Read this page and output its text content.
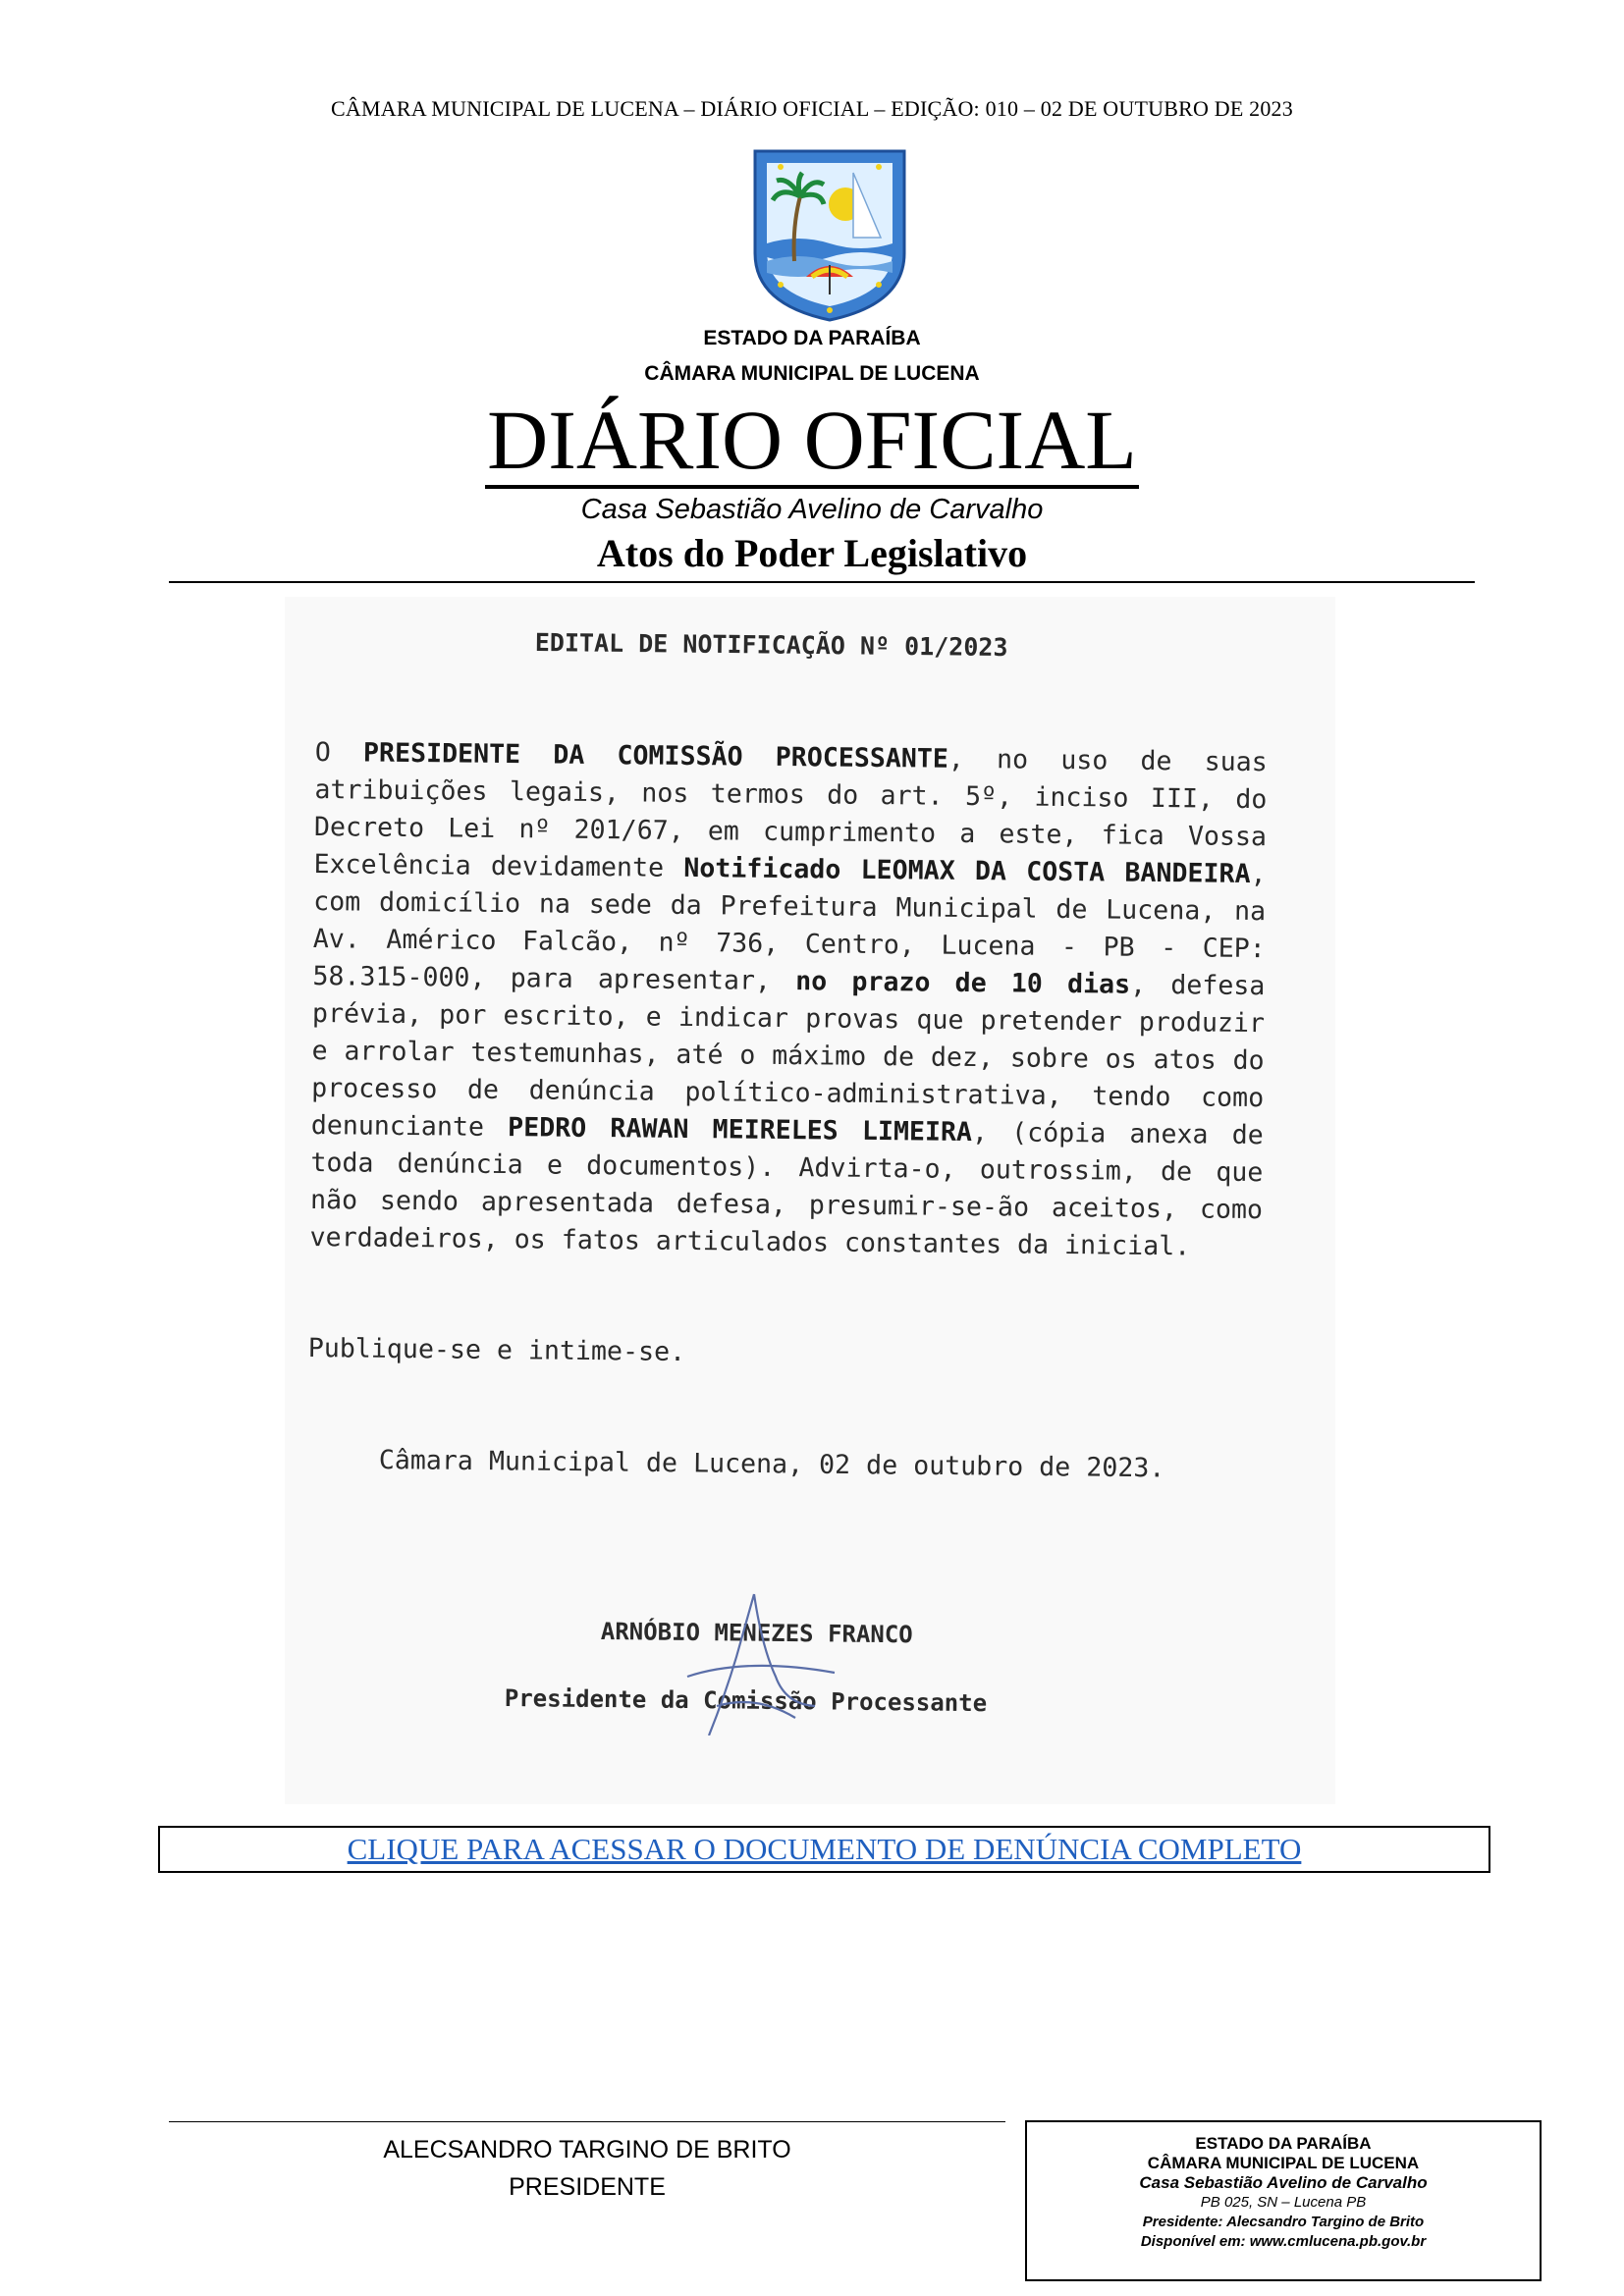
CÂMARA MUNICIPAL DE LUCENA – DIÁRIO OFICIAL – EDIÇÃO: 010 – 02 DE OUTUBRO DE 2023
ESTADO DA PARAÍBA
CÂMARA MUNICIPAL DE LUCENA
DIÁRIO OFICIAL
Casa Sebastião Avelino de Carvalho
Atos do Poder Legislativo
EDITAL DE NOTIFICAÇÃO Nº 01/2023
O PRESIDENTE DA COMISSÃO PROCESSANTE, no uso de suas atribuições legais, nos termos do art. 5º, inciso III, do Decreto Lei nº 201/67, em cumprimento a este, fica Vossa Excelência devidamente Notificado LEOMAX DA COSTA BANDEIRA, com domicílio na sede da Prefeitura Municipal de Lucena, na Av. Américo Falcão, nº 736, Centro, Lucena - PB - CEP: 58.315-000, para apresentar, no prazo de 10 dias, defesa prévia, por escrito, e indicar provas que pretender produzir e arrolar testemunhas, até o máximo de dez, sobre os atos do processo de denúncia político-administrativa, tendo como denunciante PEDRO RAWAN MEIRELES LIMEIRA, (cópia anexa de toda denúncia e documentos). Advirta-o, outrossim, de que não sendo apresentada defesa, presumir-se-ão aceitos, como verdadeiros, os fatos articulados constantes da inicial.
Publique-se e intime-se.
Câmara Municipal de Lucena, 02 de outubro de 2023.
ARNÓBIO MENEZES FRANCO
Presidente da Comissão Processante
CLIQUE PARA ACESSAR O DOCUMENTO DE DENÚNCIA COMPLETO
ALECSANDRO TARGINO DE BRITO
PRESIDENTE
ESTADO DA PARAÍBA
CÂMARA MUNICIPAL DE LUCENA
Casa Sebastião Avelino de Carvalho
PB 025, SN – Lucena PB
Presidente: Alecsandro Targino de Brito
Disponível em: www.cmlucena.pb.gov.br
